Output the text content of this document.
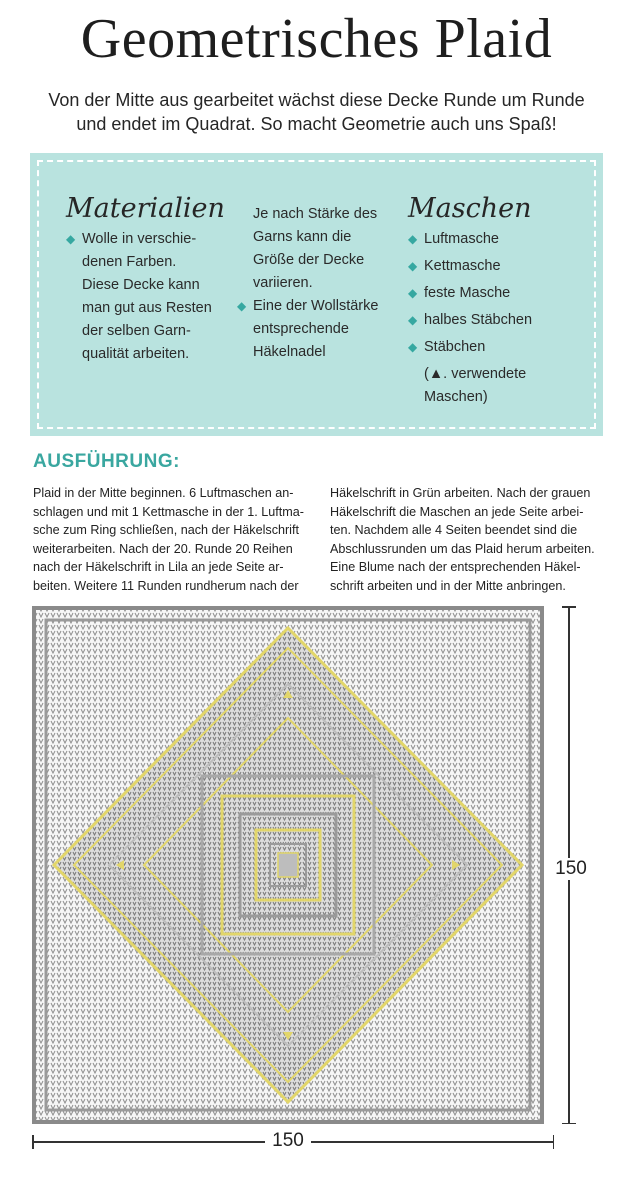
Geometrisches Plaid
Von der Mitte aus gearbeitet wächst diese Decke Runde um Runde
und endet im Quadrat. So macht Geometrie auch uns Spaß!
Materialien
◆ Wolle in verschie-
denen Farben.
Diese Decke kann
man gut aus Resten
der selben Garn-
qualität arbeiten.
Je nach Stärke des
Garns kann die
Größe der Decke
variieren.
◆ Eine der Wollstärke
entsprechende
Häkelnadel
Maschen
◆ Luftmasche
◆ Kettmasche
◆ feste Masche
◆ halbes Stäbchen
◆ Stäbchen
(▲. verwendete
Maschen)
AUSFÜHRUNG:
Plaid in der Mitte beginnen. 6 Luftmaschen an-
schlagen und mit 1 Kettmasche in der 1. Luftma-
sche zum Ring schließen, nach der Häkelschrift
weiterarbeiten. Nach der 20. Runde 20 Reihen
nach der Häkelschrift in Lila an jede Seite ar-
beiten. Weitere 11 Runden rundherum nach der
Häkelschrift in Grün arbeiten. Nach der grauen
Häkelschrift die Maschen an jede Seite arbei-
ten. Nachdem alle 4 Seiten beendet sind die
Abschlussrunden um das Plaid herum arbeiten.
Eine Blume nach der entsprechenden Häkel-
schrift arbeiten und in der Mitte anbringen.
150
150
